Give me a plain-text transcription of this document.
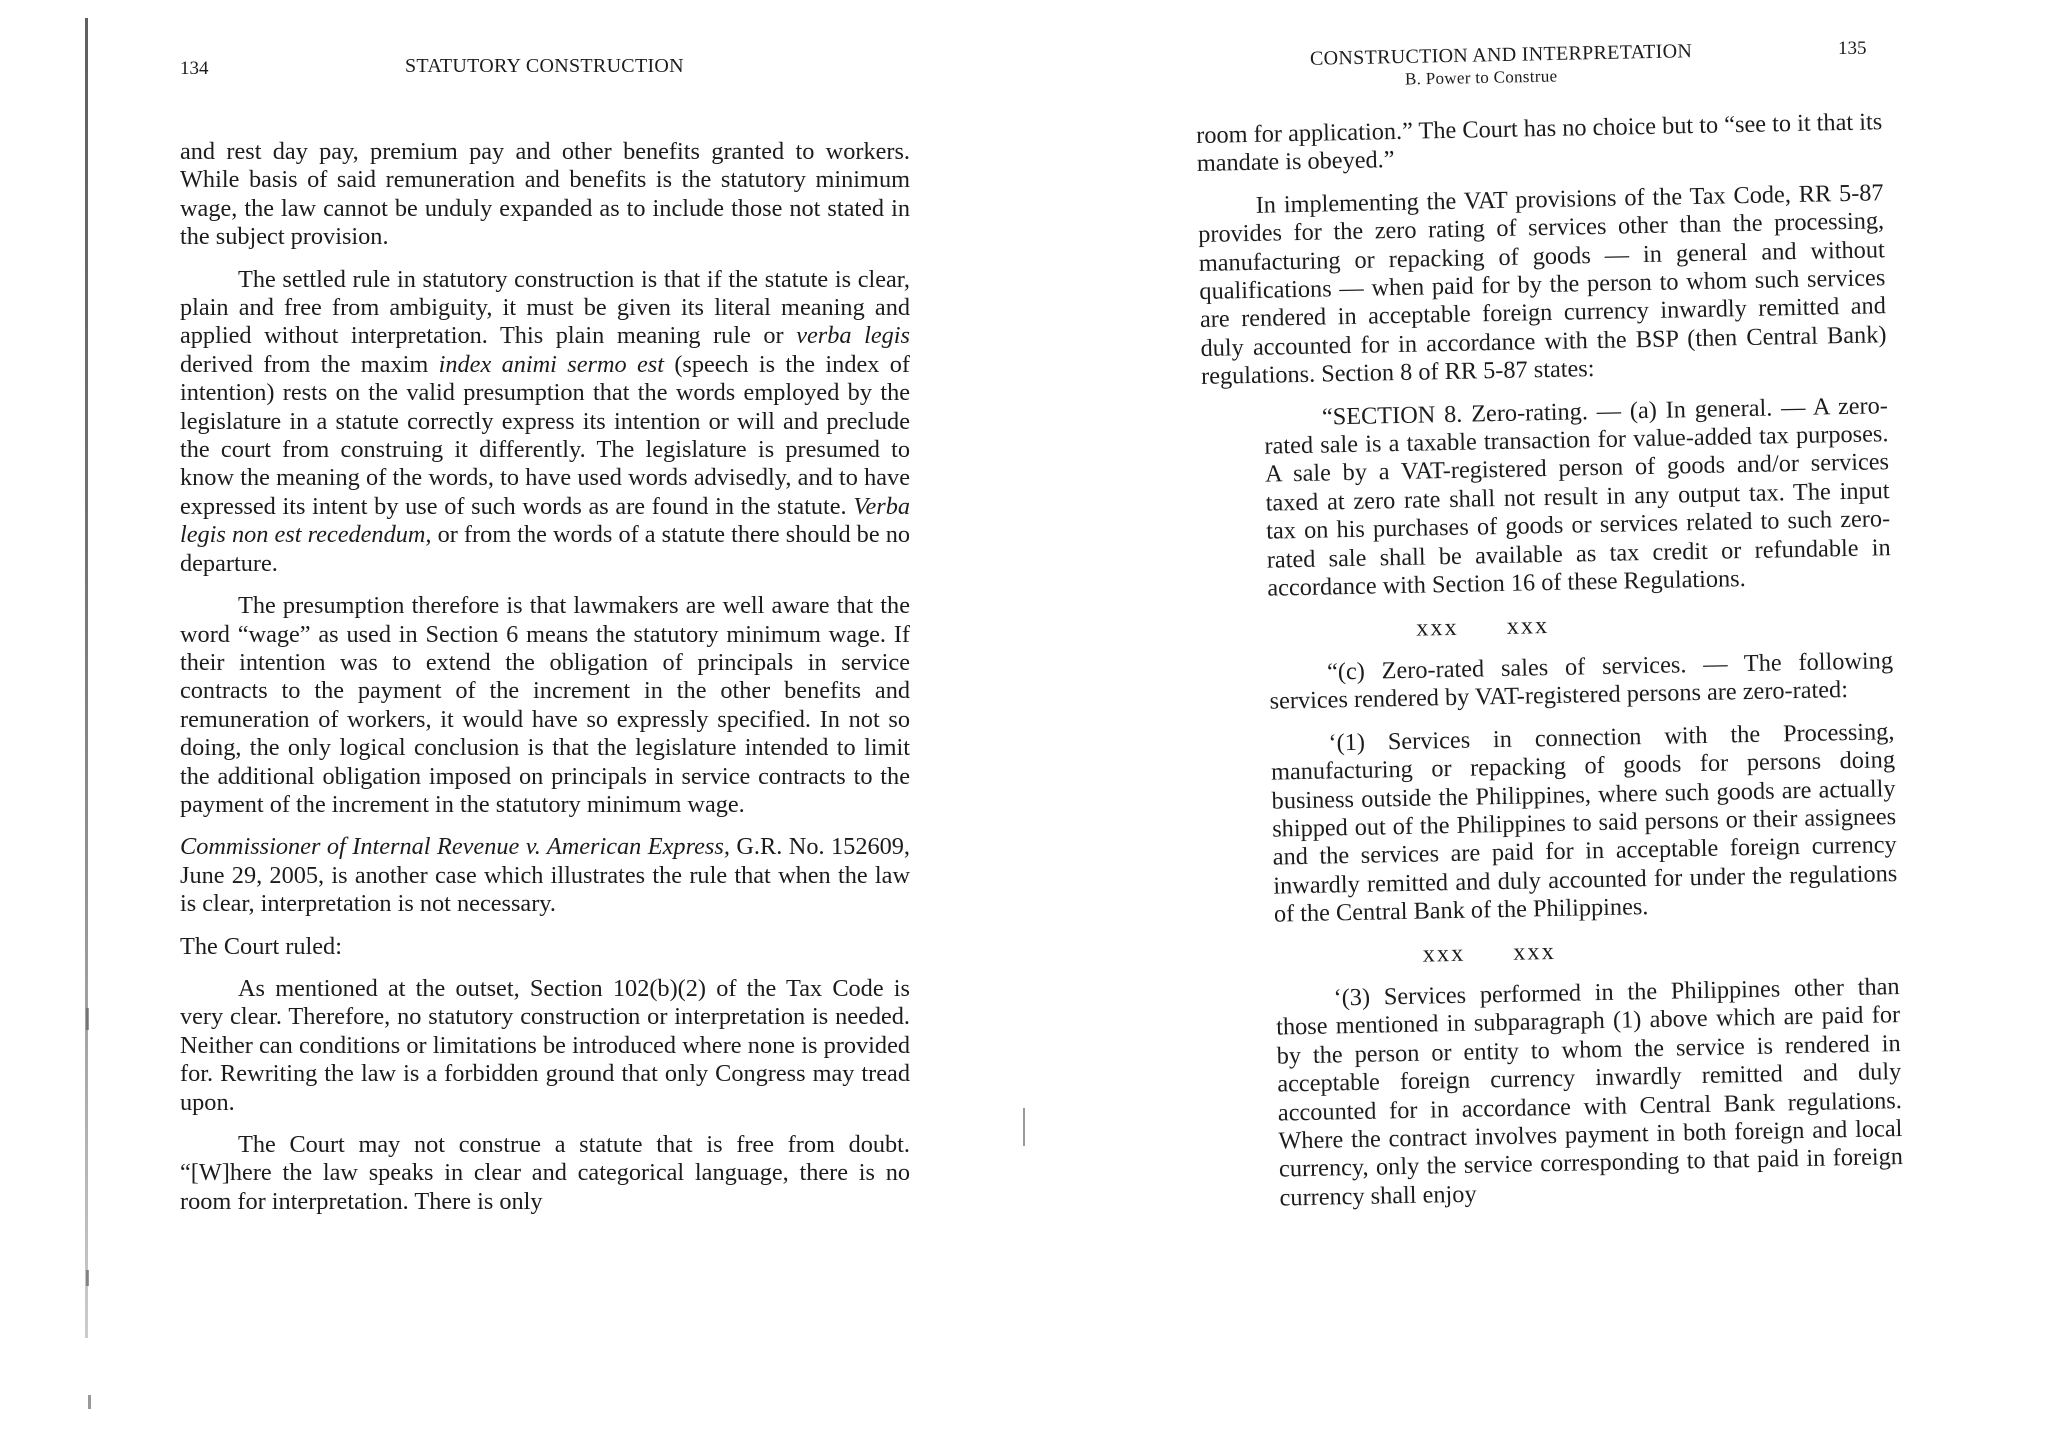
134	STATUTORY CONSTRUCTION

and rest day pay, premium pay and other benefits granted to workers. While basis of said remuneration and benefits is the statutory minimum wage, the law cannot be unduly expanded as to include those not stated in the subject provision.

The settled rule in statutory construction is that if the statute is clear, plain and free from ambiguity, it must be given its literal meaning and applied without interpretation. This plain meaning rule or verba legis derived from the maxim index animi sermo est (speech is the index of intention) rests on the valid presumption that the words employed by the legislature in a statute correctly express its intention or will and preclude the court from construing it differently. The legislature is presumed to know the meaning of the words, to have used words advisedly, and to have expressed its intent by use of such words as are found in the statute. Verba legis non est recedendum, or from the words of a statute there should be no departure.

The presumption therefore is that lawmakers are well aware that the word “wage” as used in Section 6 means the statutory minimum wage. If their intention was to extend the obligation of principals in service contracts to the payment of the increment in the other benefits and remuneration of workers, it would have so expressly specified. In not so doing, the only logical conclusion is that the legislature intended to limit the additional obligation imposed on principals in service contracts to the payment of the increment in the statutory minimum wage.

Commissioner of Internal Revenue v. American Express, G.R. No. 152609, June 29, 2005, is another case which illustrates the rule that when the law is clear, interpretation is not necessary.

The Court ruled:

As mentioned at the outset, Section 102(b)(2) of the Tax Code is very clear. Therefore, no statutory construction or interpretation is needed. Neither can conditions or limitations be introduced where none is provided for. Rewriting the law is a forbidden ground that only Congress may tread upon.

The Court may not construe a statute that is free from doubt. “[W]here the law speaks in clear and categorical language, there is no room for interpretation. There is only

CONSTRUCTION AND INTERPRETATION
B. Power to Construe
135

room for application.” The Court has no choice but to “see to it that its mandate is obeyed.”

In implementing the VAT provisions of the Tax Code, RR 5-87 provides for the zero rating of services other than the processing, manufacturing or repacking of goods — in general and without qualifications — when paid for by the person to whom such services are rendered in acceptable foreign currency inwardly remitted and duly accounted for in accordance with the BSP (then Central Bank) regulations. Section 8 of RR 5-87 states:

“SECTION 8. Zero-rating. — (a) In general. — A zero-rated sale is a taxable transaction for value-added tax purposes. A sale by a VAT-registered person of goods and/or services taxed at zero rate shall not result in any output tax. The input tax on his purchases of goods or services related to such zero-rated sale shall be available as tax credit or refundable in accordance with Section 16 of these Regulations.

xxx xxx

“(c) Zero-rated sales of services. — The following services rendered by VAT-registered persons are zero-rated:

‘(1) Services in connection with the Processing, manufacturing or repacking of goods for persons doing business outside the Philippines, where such goods are actually shipped out of the Philippines to said persons or their assignees and the services are paid for in acceptable foreign currency inwardly remitted and duly accounted for under the regulations of the Central Bank of the Philippines.

xxx xxx

‘(3) Services performed in the Philippines other than those mentioned in subparagraph (1) above which are paid for by the person or entity to whom the service is rendered in acceptable foreign currency inwardly remitted and duly accounted for in accordance with Central Bank regulations. Where the contract involves payment in both foreign and local currency, only the service corresponding to that paid in foreign currency shall enjoy
